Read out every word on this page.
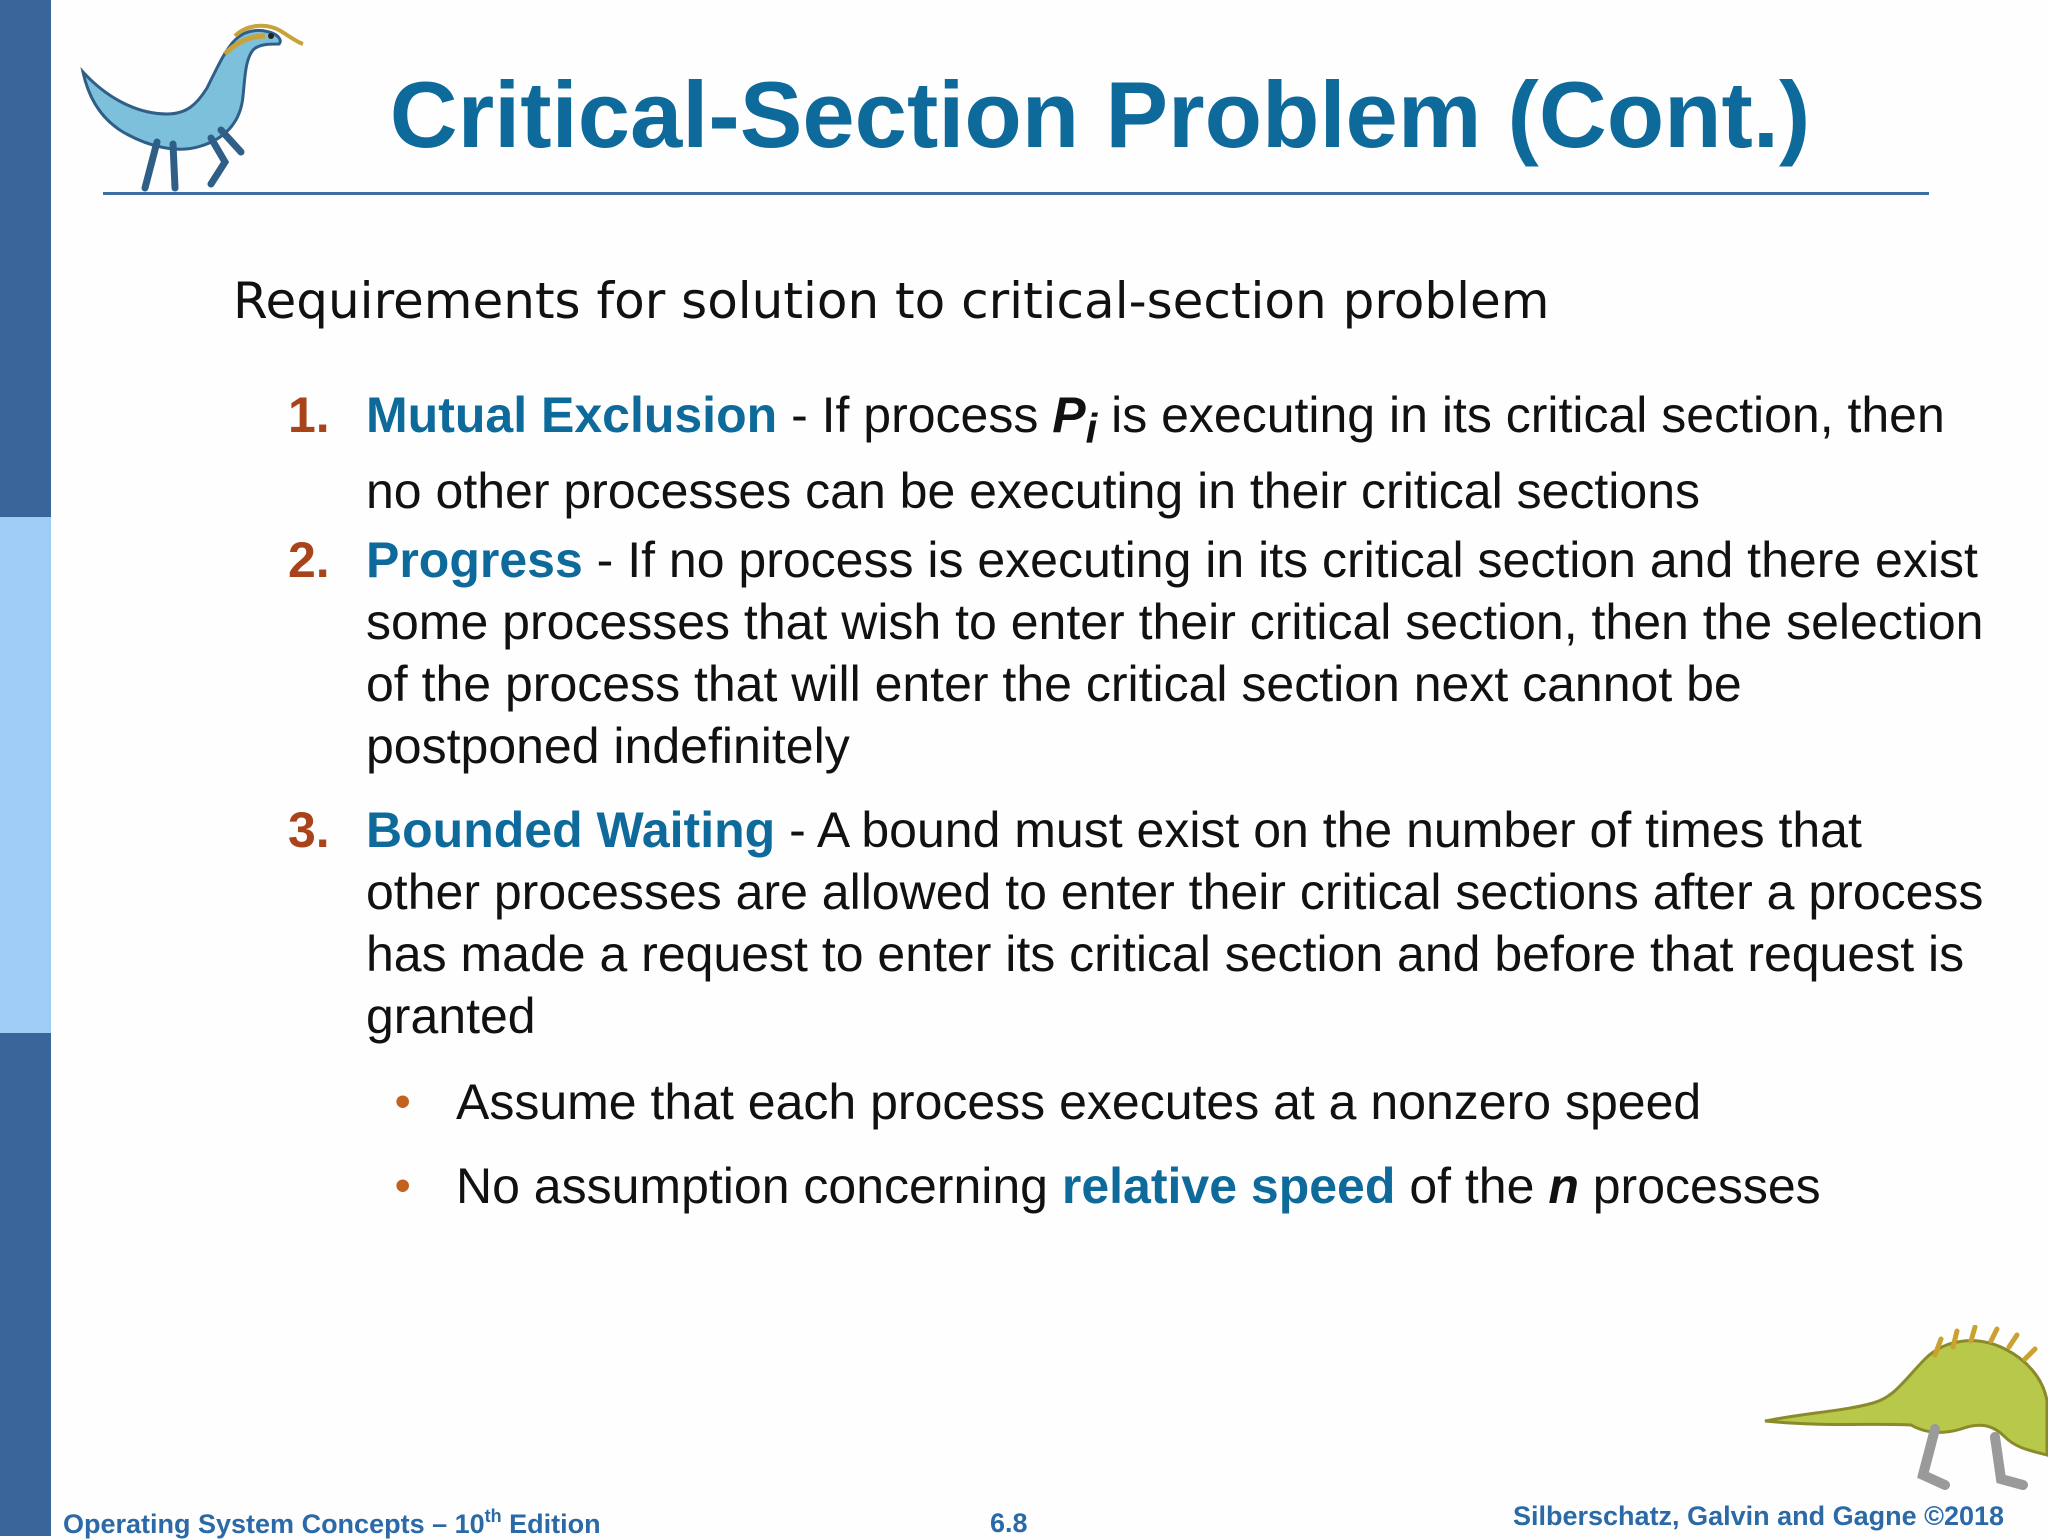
Critical-Section Problem (Cont.)

Requirements for solution to critical-section problem

1. Mutual Exclusion - If process $P_i$ is executing in its critical section, then no other processes can be executing in their critical sections
2. Progress - If no process is executing in its critical section and there exist some processes that wish to enter their critical section, then the selection of the process that will enter the critical section next cannot be postponed indefinitely
3. Bounded Waiting - A bound must exist on the number of times that other processes are allowed to enter their critical sections after a process has made a request to enter its critical section and before that request is granted
• Assume that each process executes at a nonzero speed
• No assumption concerning relative speed of the n processes
Operating System Concepts – 10th Edition	6.8	Silberschatz, Galvin and Gagne ©2018
